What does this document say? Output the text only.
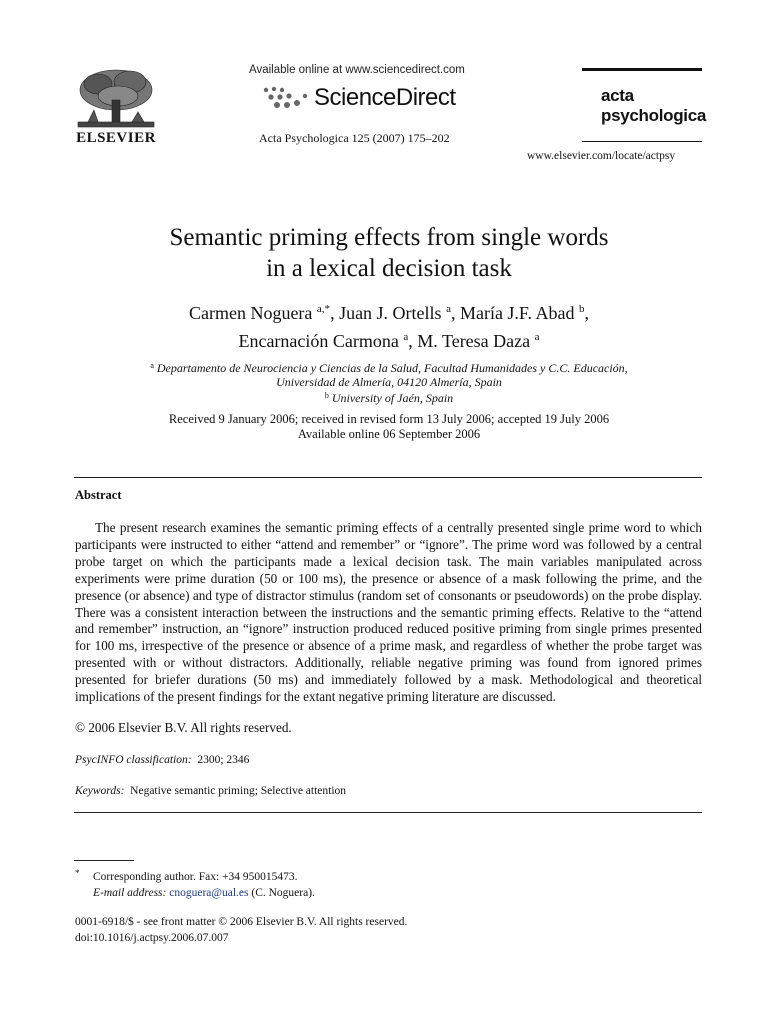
ELSEVIER
Available online at www.sciencedirect.com
ScienceDirect
Acta Psychologica 125 (2007) 175–202
acta
psychologica
www.elsevier.com/locate/actpsy
Semantic priming effects from single words
in a lexical decision task
Carmen Noguera $^{a,*}$, Juan J. Ortells $^a$, María J.F. Abad $^b$,
Encarnación Carmona $^a$, M. Teresa Daza $^a$
$^a$ Departamento de Neurociencia y Ciencias de la Salud, Facultad Humanidades y C.C. Educación,
Universidad de Almería, 04120 Almería, Spain
$^b$ University of Jaén, Spain
Received 9 January 2006; received in revised form 13 July 2006; accepted 19 July 2006
Available online 06 September 2006
Abstract
The present research examines the semantic priming effects of a centrally presented single prime word to which participants were instructed to either “attend and remember” or “ignore”. The prime word was followed by a central probe target on which the participants made a lexical decision task. The main variables manipulated across experiments were prime duration (50 or 100 ms), the presence or absence of a mask following the prime, and the presence (or absence) and type of distractor stimulus (random set of consonants or pseudowords) on the probe display. There was a consistent interaction between the instructions and the semantic priming effects. Relative to the “attend and remember” instruction, an “ignore” instruction produced reduced positive priming from single primes presented for 100 ms, irrespective of the presence or absence of a prime mask, and regardless of whether the probe target was presented with or without distractors. Additionally, reliable negative priming was found from ignored primes presented for briefer durations (50 ms) and immediately followed by a mask. Methodological and theoretical implications of the present findings for the extant negative priming literature are discussed.
© 2006 Elsevier B.V. All rights reserved.
PsycINFO classification: 2300; 2346
Keywords: Negative semantic priming; Selective attention
* Corresponding author. Fax: +34 950015473.
E-mail address: cnoguera@ual.es (C. Noguera).
0001-6918/$ - see front matter © 2006 Elsevier B.V. All rights reserved.
doi:10.1016/j.actpsy.2006.07.007
